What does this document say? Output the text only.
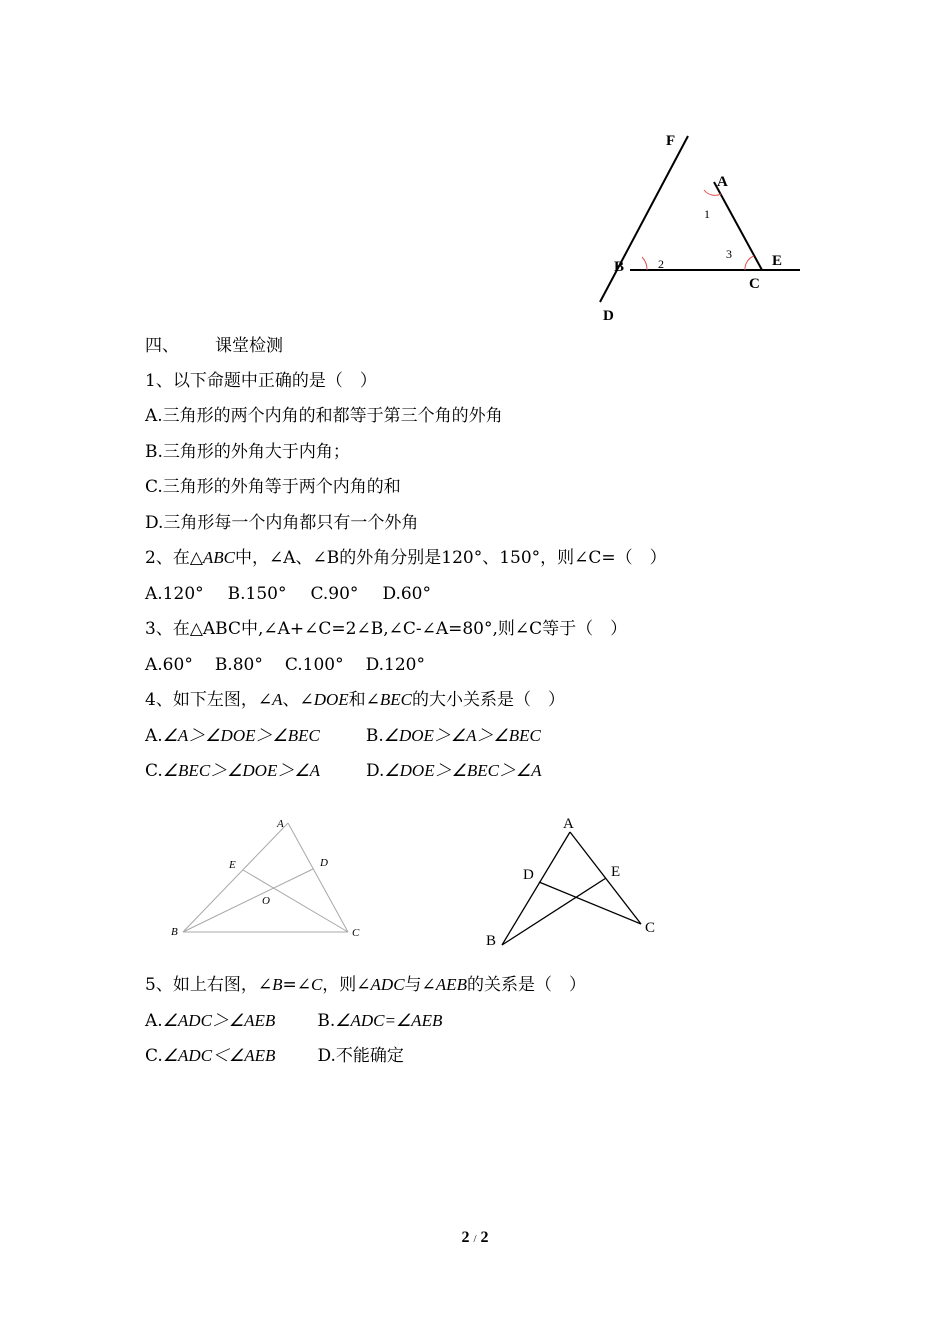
F
A
1
B	2
3	E
C
D
四、 课堂检测
1、以下命题中正确的是（　）
A.三角形的两个内角的和都等于第三个角的外角
B.三角形的外角大于内角；
C.三角形的外角等于两个内角的和
D.三角形每一个内角都只有一个外角
2、在△ABC中，∠A、∠B的外角分别是120°、150°，则∠C=（　）
A.120° B.150° C.90° D.60°
3、在△ABC中,∠A+∠C=2∠B,∠C-∠A=80°,则∠C等于（　）
A.60° B.80° C.100° D.120°
4、如下左图，∠A、∠DOE和∠BEC的大小关系是（　）
A.∠A＞∠DOE＞∠BEC	B.∠DOE＞∠A＞∠BEC
C.∠BEC＞∠DOE＞∠A	D.∠DOE＞∠BEC＞∠A
A
E	D
O
B	C
A
D	E
C
B
5、如上右图，∠B=∠C，则∠ADC与∠AEB的关系是（　）
A.∠ADC＞∠AEB B.∠ADC=∠AEB
C.∠ADC＜∠AEB D.不能确定
2 / 2
